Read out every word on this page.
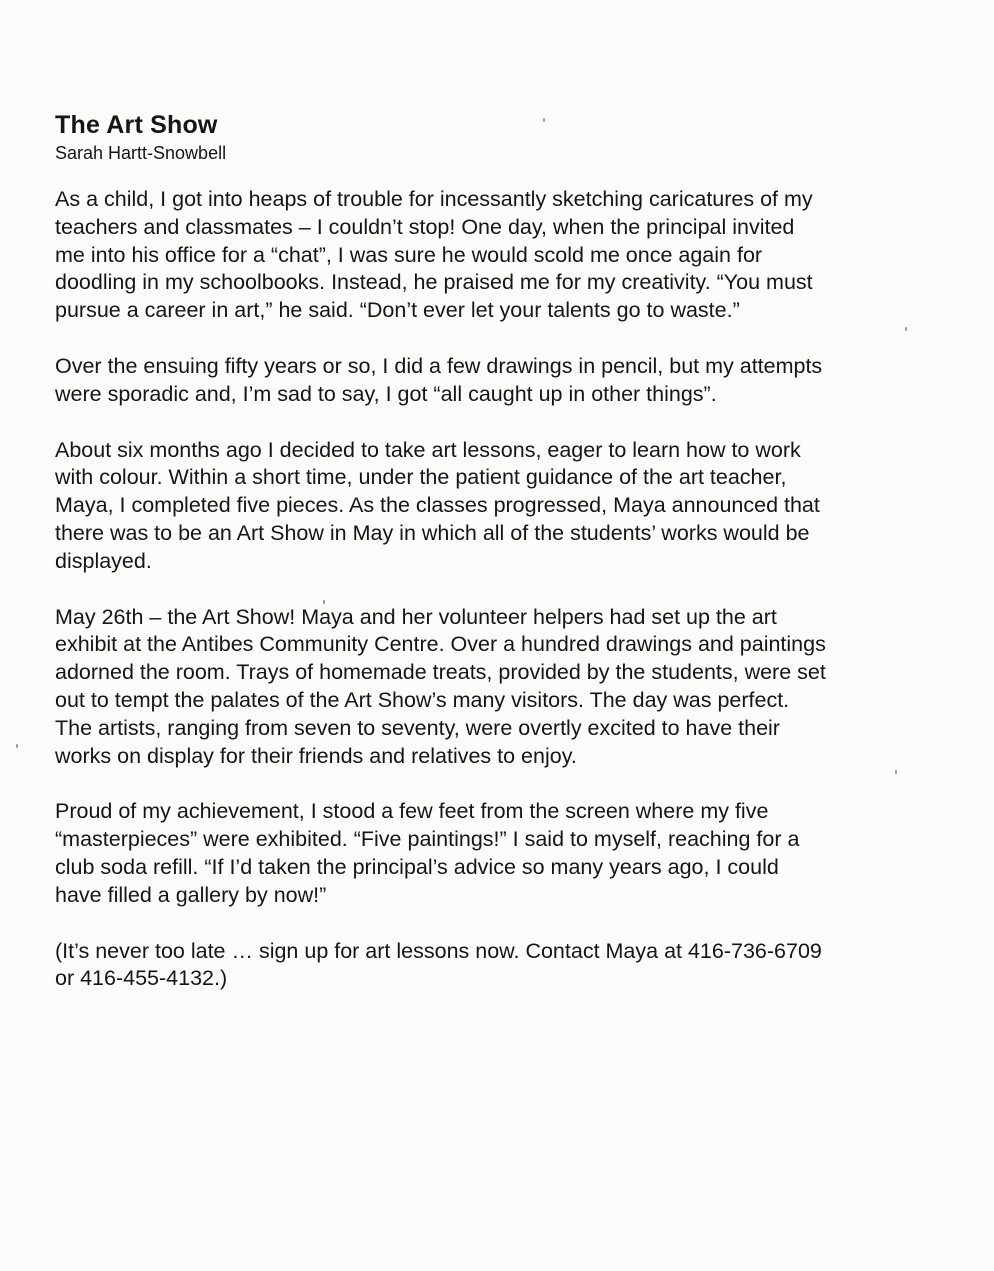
The Art Show

Sarah Hartt-Snowbell

As a child, I got into heaps of trouble for incessantly sketching caricatures of my
teachers and classmates – I couldn’t stop! One day, when the principal invited
me into his office for a “chat”, I was sure he would scold me once again for
doodling in my schoolbooks. Instead, he praised me for my creativity. “You must
pursue a career in art,” he said. “Don’t ever let your talents go to waste.”

Over the ensuing fifty years or so, I did a few drawings in pencil, but my attempts
were sporadic and, I’m sad to say, I got “all caught up in other things”.

About six months ago I decided to take art lessons, eager to learn how to work
with colour. Within a short time, under the patient guidance of the art teacher,
Maya, I completed five pieces. As the classes progressed, Maya announced that
there was to be an Art Show in May in which all of the students’ works would be
displayed.

May 26th – the Art Show! Maya and her volunteer helpers had set up the art
exhibit at the Antibes Community Centre. Over a hundred drawings and paintings
adorned the room. Trays of homemade treats, provided by the students, were set
out to tempt the palates of the Art Show’s many visitors. The day was perfect.
The artists, ranging from seven to seventy, were overtly excited to have their
works on display for their friends and relatives to enjoy.

Proud of my achievement, I stood a few feet from the screen where my five
“masterpieces” were exhibited. “Five paintings!” I said to myself, reaching for a
club soda refill. “If I’d taken the principal’s advice so many years ago, I could
have filled a gallery by now!”

(It’s never too late … sign up for art lessons now. Contact Maya at 416-736-6709
or 416-455-4132.)
